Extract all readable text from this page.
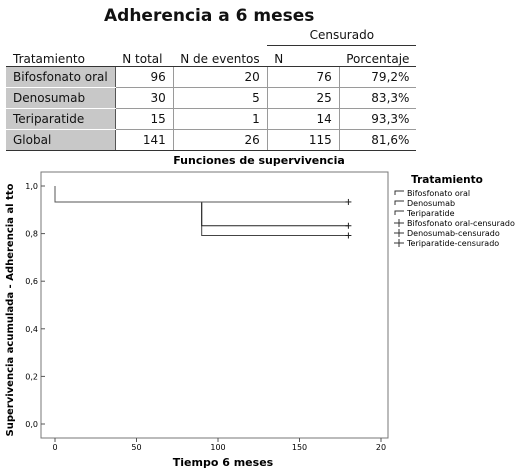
Adherencia a 6 meses
			Censurado	
Tratamiento	N total	N de eventos	N	Porcentaje
Bifosfonato oral	96	20	76	79,2%
Denosumab	30	5	25	83,3%
Teriparatide	15	1	14	93,3%
Global	141	26	115	81,6%
Funciones de supervivencia
Tiempo 6 meses
Supervivencia acumulada - Adherencia al tto 0,0
0,2
0,4
0,6
0,8
1,0
0	50	100	150	20
Tratamiento
Bifosfonato oral
Denosumab
Teriparatide
Bifosfonato oral-censurado
Denosumab-censurado
Teriparatide-censurado
